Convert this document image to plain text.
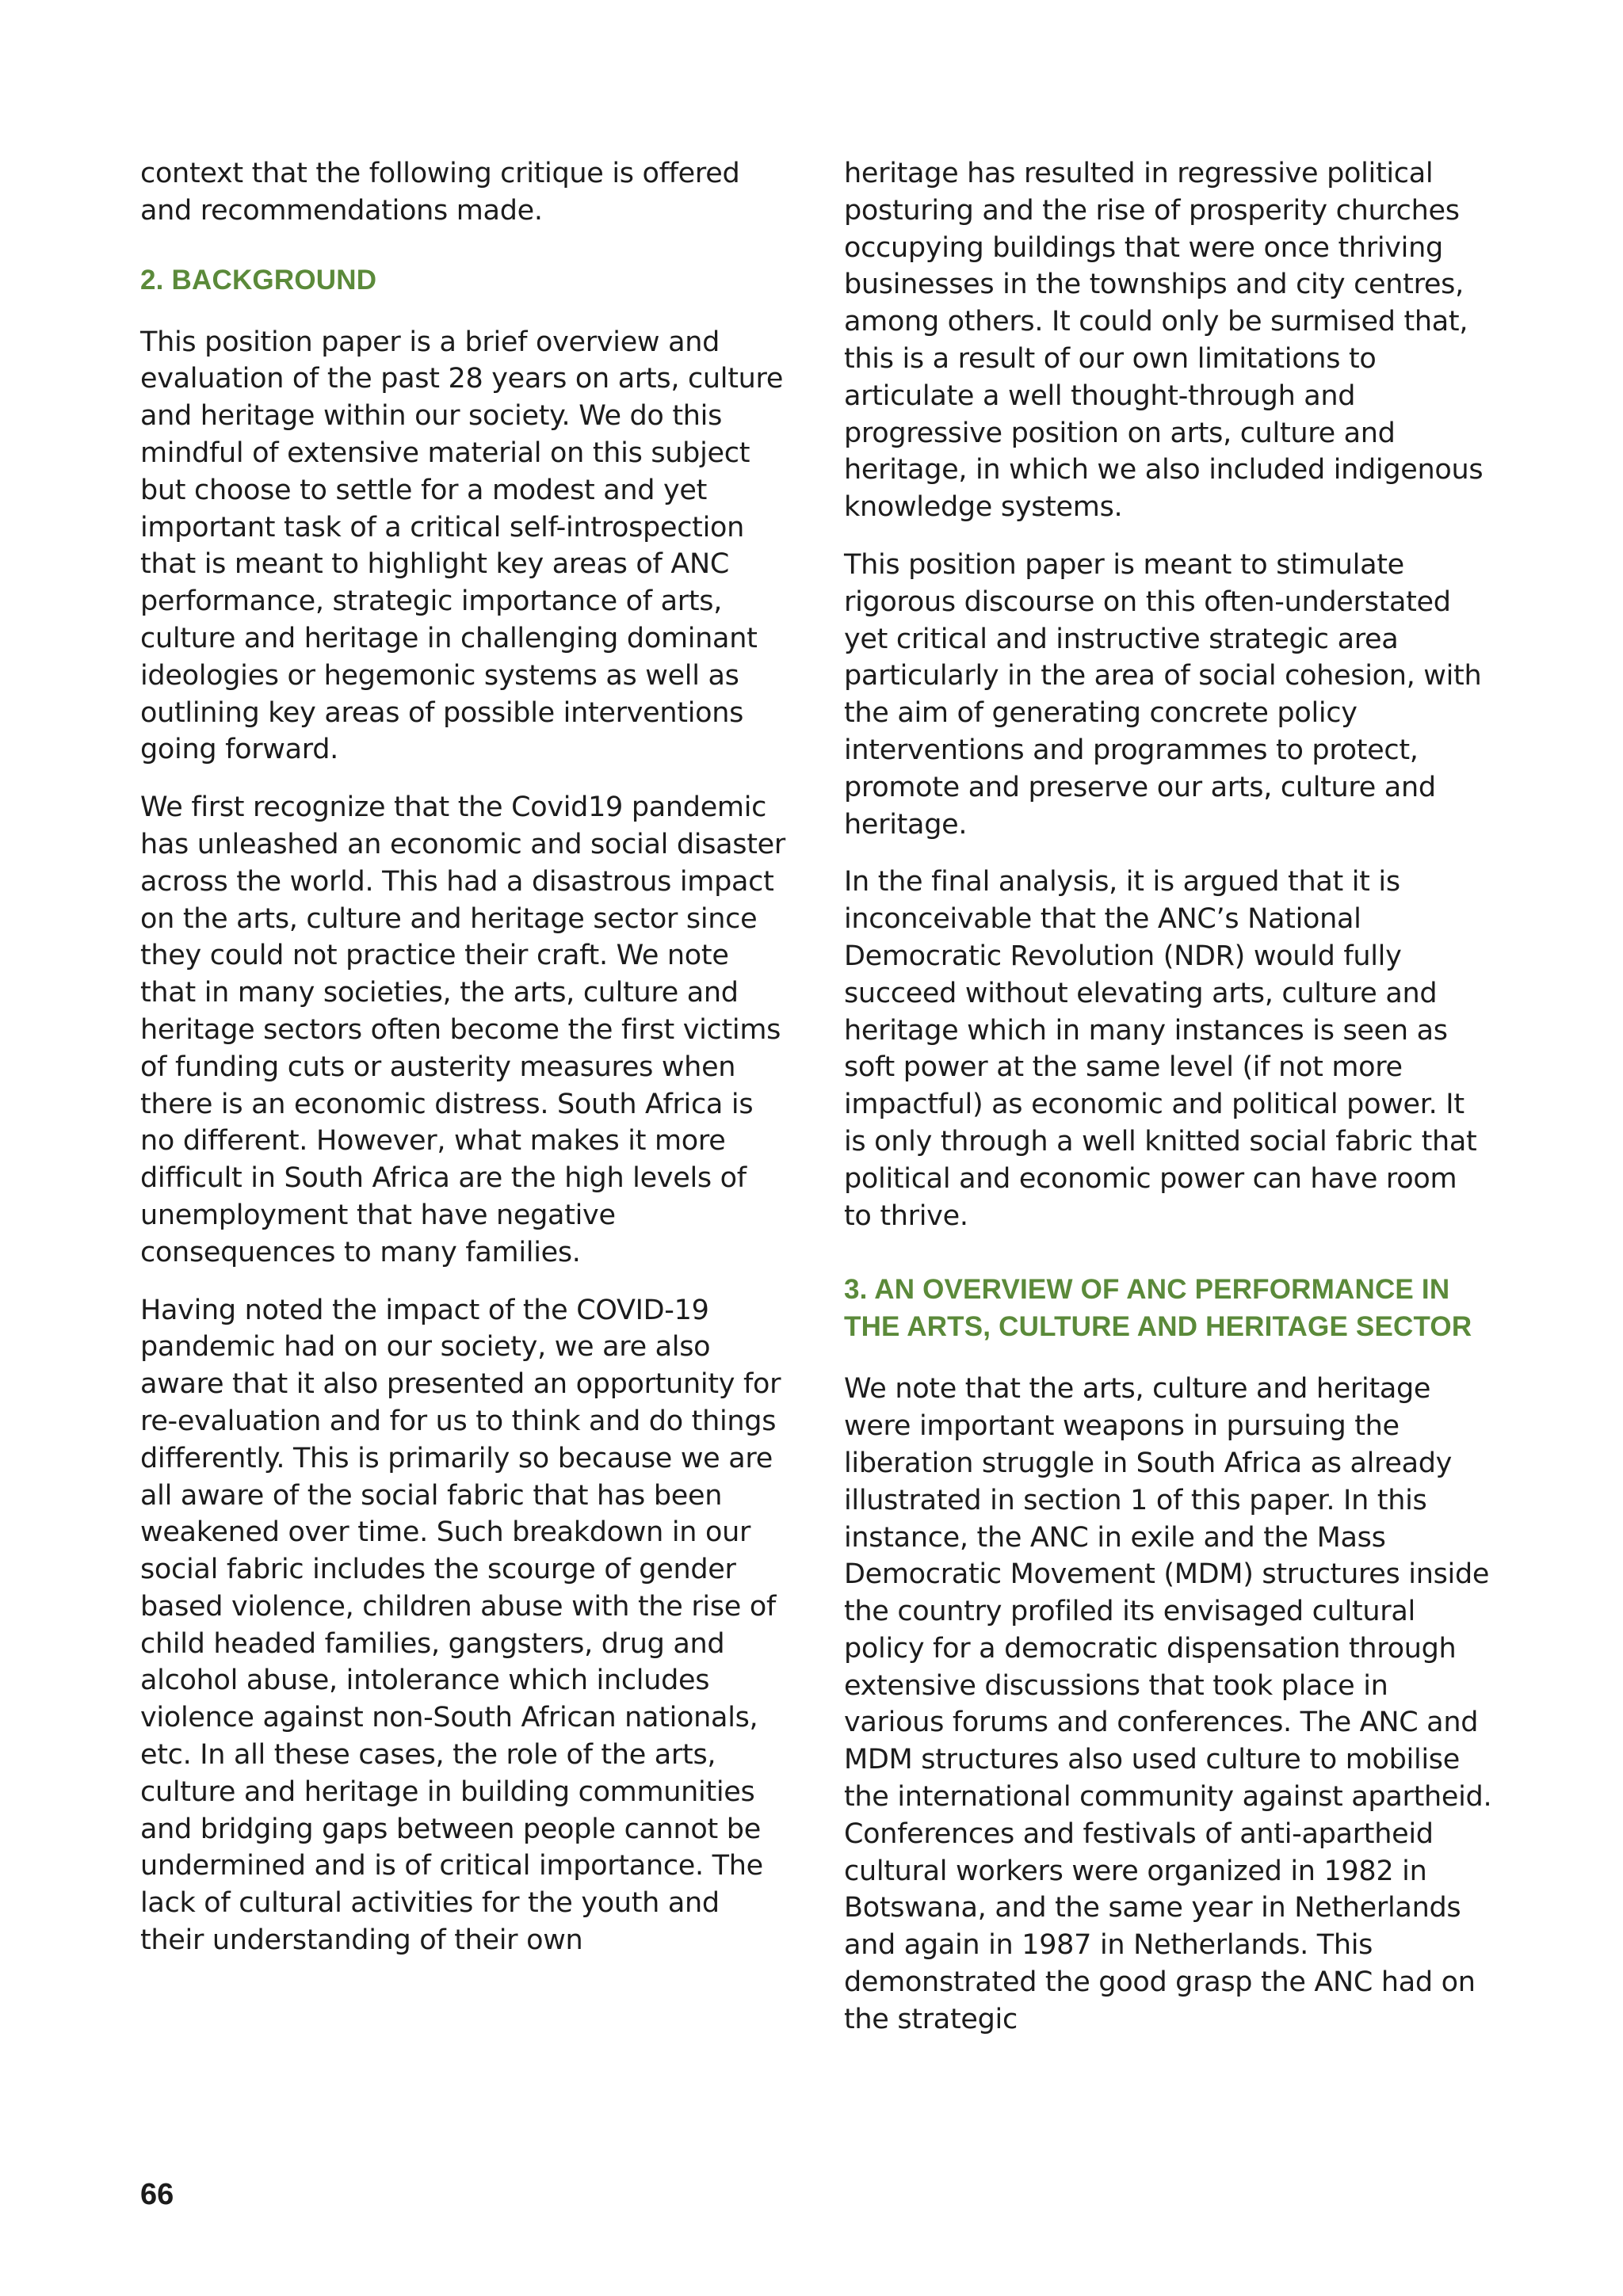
context that the following critique is offered and recommendations made.

2. BACKGROUND

This position paper is a brief overview and evaluation of the past 28 years on arts, culture and heritage within our society. We do this mindful of extensive material on this subject but choose to settle for a modest and yet important task of a critical self-introspection that is meant to highlight key areas of ANC performance, strategic importance of arts, culture and heritage in challenging dominant ideologies or hegemonic systems as well as outlining key areas of possible interventions going forward.

We first recognize that the Covid19 pandemic has unleashed an economic and social disaster across the world. This had a disastrous impact on the arts, culture and heritage sector since they could not practice their craft. We note that in many societies, the arts, culture and heritage sectors often become the first victims of funding cuts or austerity measures when there is an economic distress. South Africa is no different. However, what makes it more difficult in South Africa are the high levels of unemployment that have negative consequences to many families.

Having noted the impact of the COVID-19 pandemic had on our society, we are also aware that it also presented an opportunity for re-evaluation and for us to think and do things differently. This is primarily so because we are all aware of the social fabric that has been weakened over time. Such breakdown in our social fabric includes the scourge of gender based violence, children abuse with the rise of child headed families, gangsters, drug and alcohol abuse, intolerance which includes violence against non-South African nationals, etc. In all these cases, the role of the arts, culture and heritage in building communities and bridging gaps between people cannot be undermined and is of critical importance. The lack of cultural activities for the youth and their understanding of their own

heritage has resulted in regressive political posturing and the rise of prosperity churches occupying buildings that were once thriving businesses in the townships and city centres, among others. It could only be surmised that, this is a result of our own limitations to articulate a well thought-through and progressive position on arts, culture and heritage, in which we also included indigenous knowledge systems.

This position paper is meant to stimulate rigorous discourse on this often-understated yet critical and instructive strategic area particularly in the area of social cohesion, with the aim of generating concrete policy interventions and programmes to protect, promote and preserve our arts, culture and heritage.

In the final analysis, it is argued that it is inconceivable that the ANC’s National Democratic Revolution (NDR) would fully succeed without elevating arts, culture and heritage which in many instances is seen as soft power at the same level (if not more impactful) as economic and political power. It is only through a well knitted social fabric that political and economic power can have room to thrive.

3. AN OVERVIEW OF ANC PERFORMANCE IN THE ARTS, CULTURE AND HERITAGE SECTOR

We note that the arts, culture and heritage were important weapons in pursuing the liberation struggle in South Africa as already illustrated in section 1 of this paper. In this instance, the ANC in exile and the Mass Democratic Movement (MDM) structures inside the country profiled its envisaged cultural policy for a democratic dispensation through extensive discussions that took place in various forums and conferences. The ANC and MDM structures also used culture to mobilise the international community against apartheid. Conferences and festivals of anti-apartheid cultural workers were organized in 1982 in Botswana, and the same year in Netherlands and again in 1987 in Netherlands. This demonstrated the good grasp the ANC had on the strategic

66
